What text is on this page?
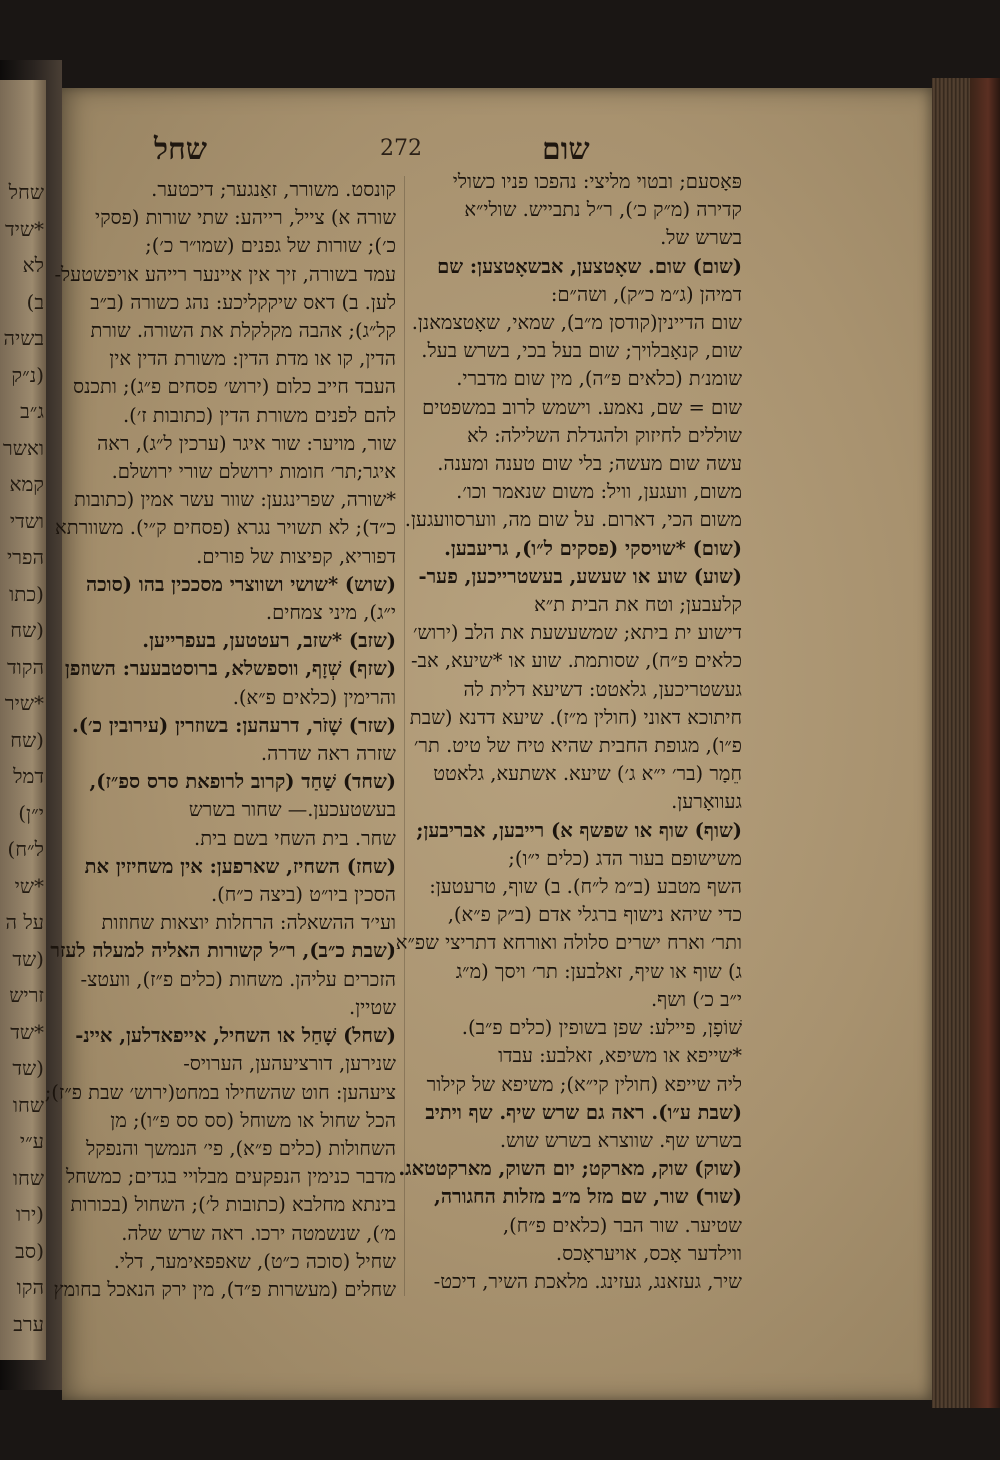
שחל
*שיד
לא
ב)
בשיה
(נ״ק
ג״ב
ואשר
קמא
ושדי
הפרי
(כתו
(שח
הקוד
*שיר
(שח
דמל
י״ן)
ל״ח)
*שי
על ה
(שד
זריש
*שד
(שד
שחו
ע״י
שחו
(ירו
(סב
הקו
ערב
שחל	272	שום
פּאָסעם; ובטוי מליצי: נהפכו פניו כשולי
קדירה (מ״ק כ׳), ר״ל נתבייש. שולי״א
בשרש של.
(שום) שום. שאָטצען, אבשאָטצען: שם
דמיהן (ג״מ כ״ק), ושה״ם:
שום הדיינין(קודסן מ״ב), שמאי, שאָטצמאנן.
שום, קנאָבלויך; שום בעל בכי, בשרש בעל.
שומנ׳ת (כלאים פ״ה), מין שום מדברי.
שום = שם, נאמע. וישמש לרוב במשפטים
שוללים לחיזוק ולהגדלת השלילה: לא
עשה שום מעשה; בלי שום טענה ומענה.
משום, וועגען, וויל: משום שנאמר וכו׳.
משום הכי, דארום. על שום מה, ווערסוועגען.
(שום) *שויסקי (פסקים ל״ו), גריעבען.
(שוע) שוע או שעשע, בעשטרייכען, פער-
קלעבען; וטח את הבית ת״א
דישוע ית ביתא; שמשעשעת את הלב (ירוש׳
כלאים פ״ח), שסותמת. שוע או *שיעא, אב-
געשטריכען, גלאטט: דשיעא דלית לה
חיתוכא דאוני (חולין מ״ז). שיעא דדנא (שבת
פ״ו), מגופת החבית שהיא טיח של טיט. תר׳
חֵמָר (בר׳ י״א ג׳) שיעא. אשתעא, גלאטט
געוואָרען.
(שוף) שוף או שפשף א) רייבען, אבריבען;
משישופם בעור הדג (כלים י״ו);
השף מטבע (ב״מ ל״ח). ב) שוף, טרעטען:
כדי שיהא נישוף ברגלי אדם (ב״ק פ״א),
ותר׳ וארח ישרים סלולה ואורחא דתריצי שפ״א.
ג) שוף או שיף, זאלבען: תר׳ ויסך (מ״ג
י״ב כ׳) ושף.
שׁוֹפָן, פיילע: שפן בשופין (כלים פ״ב).
*שייפא או משיפא, זאלבע: עבדו
ליה שייפא (חולין קי״א); משיפא של קילור
(שבת ע״ו). ראה גם שרש שיף. שף ויתיב
בשרש שף. שווצרא בשרש שוש.
(שוק) שוק, מארקט; יום השוק, מארקטטאג.
(שור) שור, שם מזל מ״ב מזלות החגורה,
שטיער. שור הבר (כלאים פ״ח),
ווילדער אָכס, אויעראָכס.
שיר, געזאנג, געזינג. מלאכת השיר, דיכט-
קונסט. משורר, זאַנגער; דיכטער.
שורה א) צייל, רייהע: שתי שורות (פסקי
כ׳); שורות של גפנים (שמו״ר כ׳);
עמד בשורה, זיך אין איינער רייהע אויפשטעל-
לען. ב) דאס שיקקליכע: נהג כשורה (ב״ב
קל״ג); אהבה מקלקלת את השורה. שורת
הדין, קו או מדת הדין: משורת הדין אין
העבד חייב כלום (ירוש׳ פסחים פ״ג); ותכנס
להם לפנים משורת הדין (כתובות ז׳).
שור, מויער: שור איגר (ערכין ל״ג), ראה
איגר;תר׳ חומות ירושלם שורי ירושלם.
*שורה, שפרינגען: שוור עשר אמין (כתובות
כ״ד); לא תשויר נגרא (פסחים ק״י). משוורתא
דפוריא, קפיצות של פורים.
(שוש) *שושי ושווצרי מסככין בהו (סוכה
י״ג), מיני צמחים.
(שזב) *שזב, רעטטען, בעפרייען.
(שזף) שְׁזָף, ווספשלא, ברוסטבעער: השוזפן
והרימין (כלאים פ״א).
(שזר) שָׁזֹר, דרעהען: בשוזרין (עירובין כ׳).
שזרה ראה שדרה.
(שחד) שַׁחַד (קרוב לרופאת סרס ספ״ז),
בעשטעכען.— שחור בשרש
שחר. בית השחי בשם בית.
(שחז) השחיז, שארפען: אין משחיזין את
הסכין ביו״ט (ביצה כ״ח).
ועי׳ד ההשאלה: הרחלות יוצאות שחוזות
(שבת כ״ב), ר״ל קשורות האליה למעלה לעזר
הזכרים עליהן. משחות (כלים פ״ז), וועטצ-
שטיין.
(שחל) שָׁחַל או השחיל, אייפאדלען, איינ-
שנירען, דורציעהען, הערויס-
ציעהען: חוט שהשחילו במחט(ירוש׳ שבת פ״ז);
הכל שחול או משוחל (סס סס פ״ו); מן
השחולות (כלים פ״א), פי׳ הנמשך והנפקל
מדבר כנימין הנפקעים מבלויי בגדים; כמשחל
בינתא מחלבא (כתובות ל׳); השחול (בכורות
מ׳), שנשמטה ירכו. ראה שרש שלה.
שחיל (סוכה כ״ט), שאפפאימער, דלי.
שחלים (מעשרות פ״ד), מין ירק הנאכל בחומץ
